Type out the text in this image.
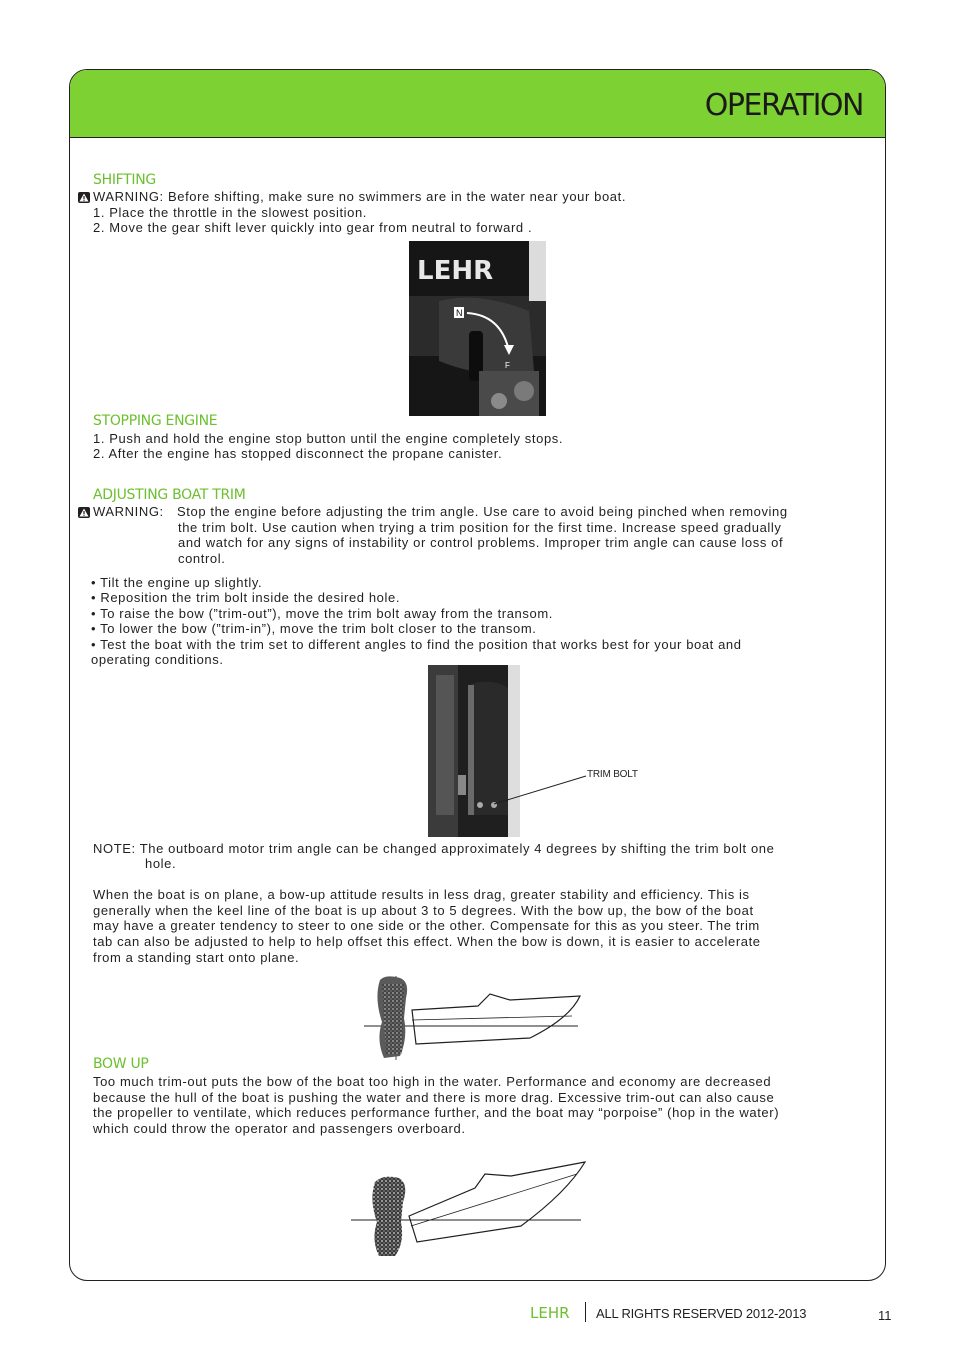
OPERATION
SHIFTING
WARNING: Before shifting, make sure no swimmers are in the water near your boat.
1. Place the throttle in the slowest position.
2. Move the gear shift lever quickly into gear from neutral to forward .
N
F
LEHR
STOPPING ENGINE
1. Push and hold the engine stop button until the engine completely stops.
2. After the engine has stopped disconnect the propane canister.
ADJUSTING BOAT TRIM
WARNING: Stop the engine before adjusting the trim angle. Use care to avoid being pinched when removing
the trim bolt. Use caution when trying a trim position for the first time. Increase speed gradually
and watch for any signs of instability or control problems. Improper trim angle can cause loss of
control.
• Tilt the engine up slightly.
• Reposition the trim bolt inside the desired hole.
• To raise the bow (”trim-out”), move the trim bolt away from the transom.
• To lower the bow (”trim-in”), move the trim bolt closer to the transom.
• Test the boat with the trim set to different angles to find the position that works best for your boat and
operating conditions.
TRIM BOLT
NOTE: The outboard motor trim angle can be changed approximately 4 degrees by shifting the trim bolt one
hole.
When the boat is on plane, a bow-up attitude results in less drag, greater stability and efficiency. This is
generally when the keel line of the boat is up about 3 to 5 degrees. With the bow up, the bow of the boat
may have a greater tendency to steer to one side or the other. Compensate for this as you steer. The trim
tab can also be adjusted to help to help offset this effect. When the bow is down, it is easier to accelerate
from a standing start onto plane.
BOW UP
Too much trim-out puts the bow of the boat too high in the water. Performance and economy are decreased
because the hull of the boat is pushing the water and there is more drag. Excessive trim-out can also cause
the propeller to ventilate, which reduces performance further, and the boat may “porpoise” (hop in the water)
which could throw the operator and passengers overboard.
LEHR ALL RIGHTS RESERVED 2012-2013	11
